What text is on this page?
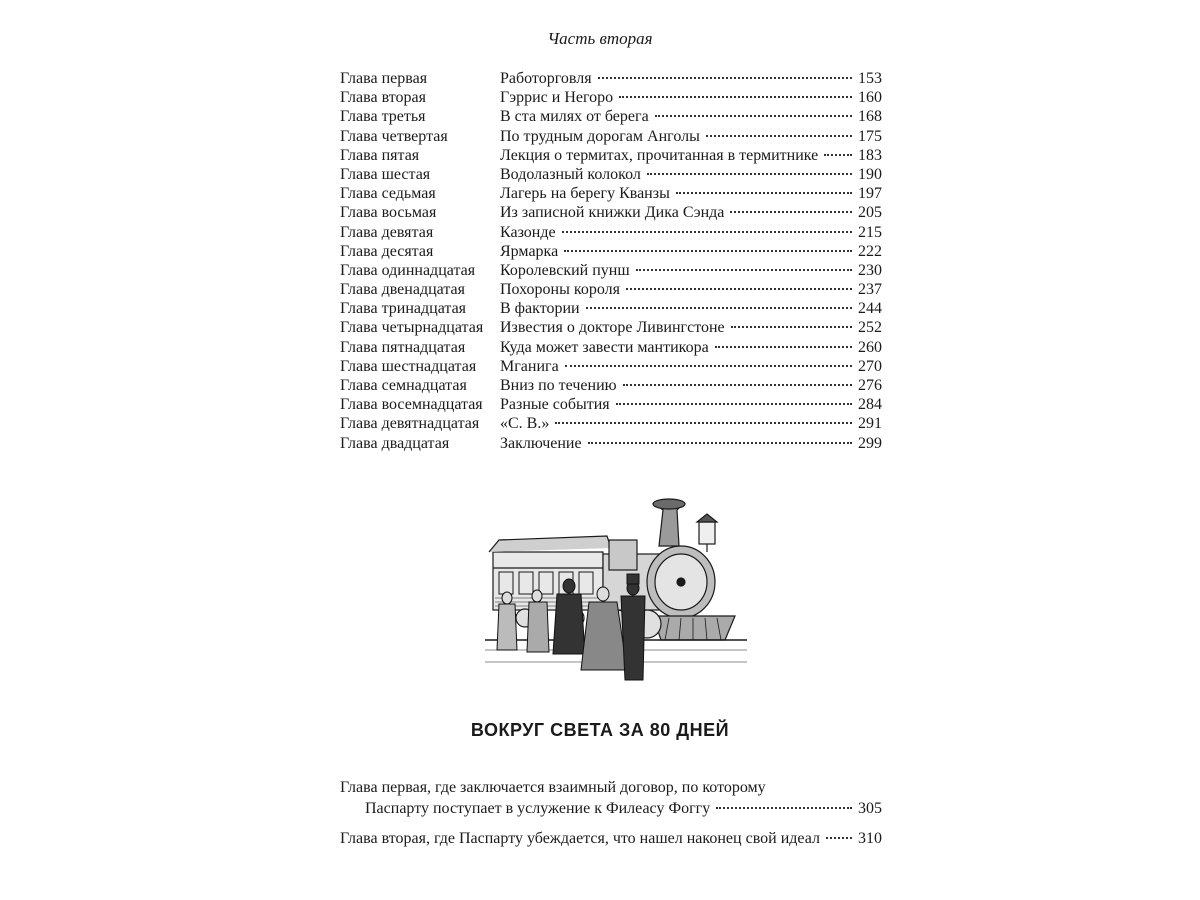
Часть вторая
Глава первая	Работорговля	153
Глава вторая	Гэррис и Негоро	160
Глава третья	В ста милях от берега	168
Глава четвертая	По трудным дорогам Анголы	175
Глава пятая	Лекция о термитах, прочитанная в термитнике 183
Глава шестая	Водолазный колокол	190
Глава седьмая	Лагерь на берегу Кванзы	197
Глава восьмая	Из записной книжки Дика Сэнда	205
Глава девятая	Казонде	215
Глава десятая	Ярмарка	222
Глава одиннадцатая	Королевский пунш	230
Глава двенадцатая	Похороны короля	237
Глава тринадцатая	В фактории	244
Глава четырнадцатая	Известия о докторе Ливингстоне	252
Глава пятнадцатая	Куда может завести мантикора	260
Глава шестнадцатая	Мганига	270
Глава семнадцатая	Вниз по течению	276
Глава восемнадцатая	Разные события	284
Глава девятнадцатая	«С. В.»	291
Глава двадцатая	Заключение	299
ВОКРУГ СВЕТА ЗА 80 ДНЕЙ
Глава первая, где заключается взаимный договор, по которому
Паспарту поступает в услужение к Филеасу Фоггу	305
Глава вторая, где Паспарту убеждается, что нашел наконец свой идеал 310
